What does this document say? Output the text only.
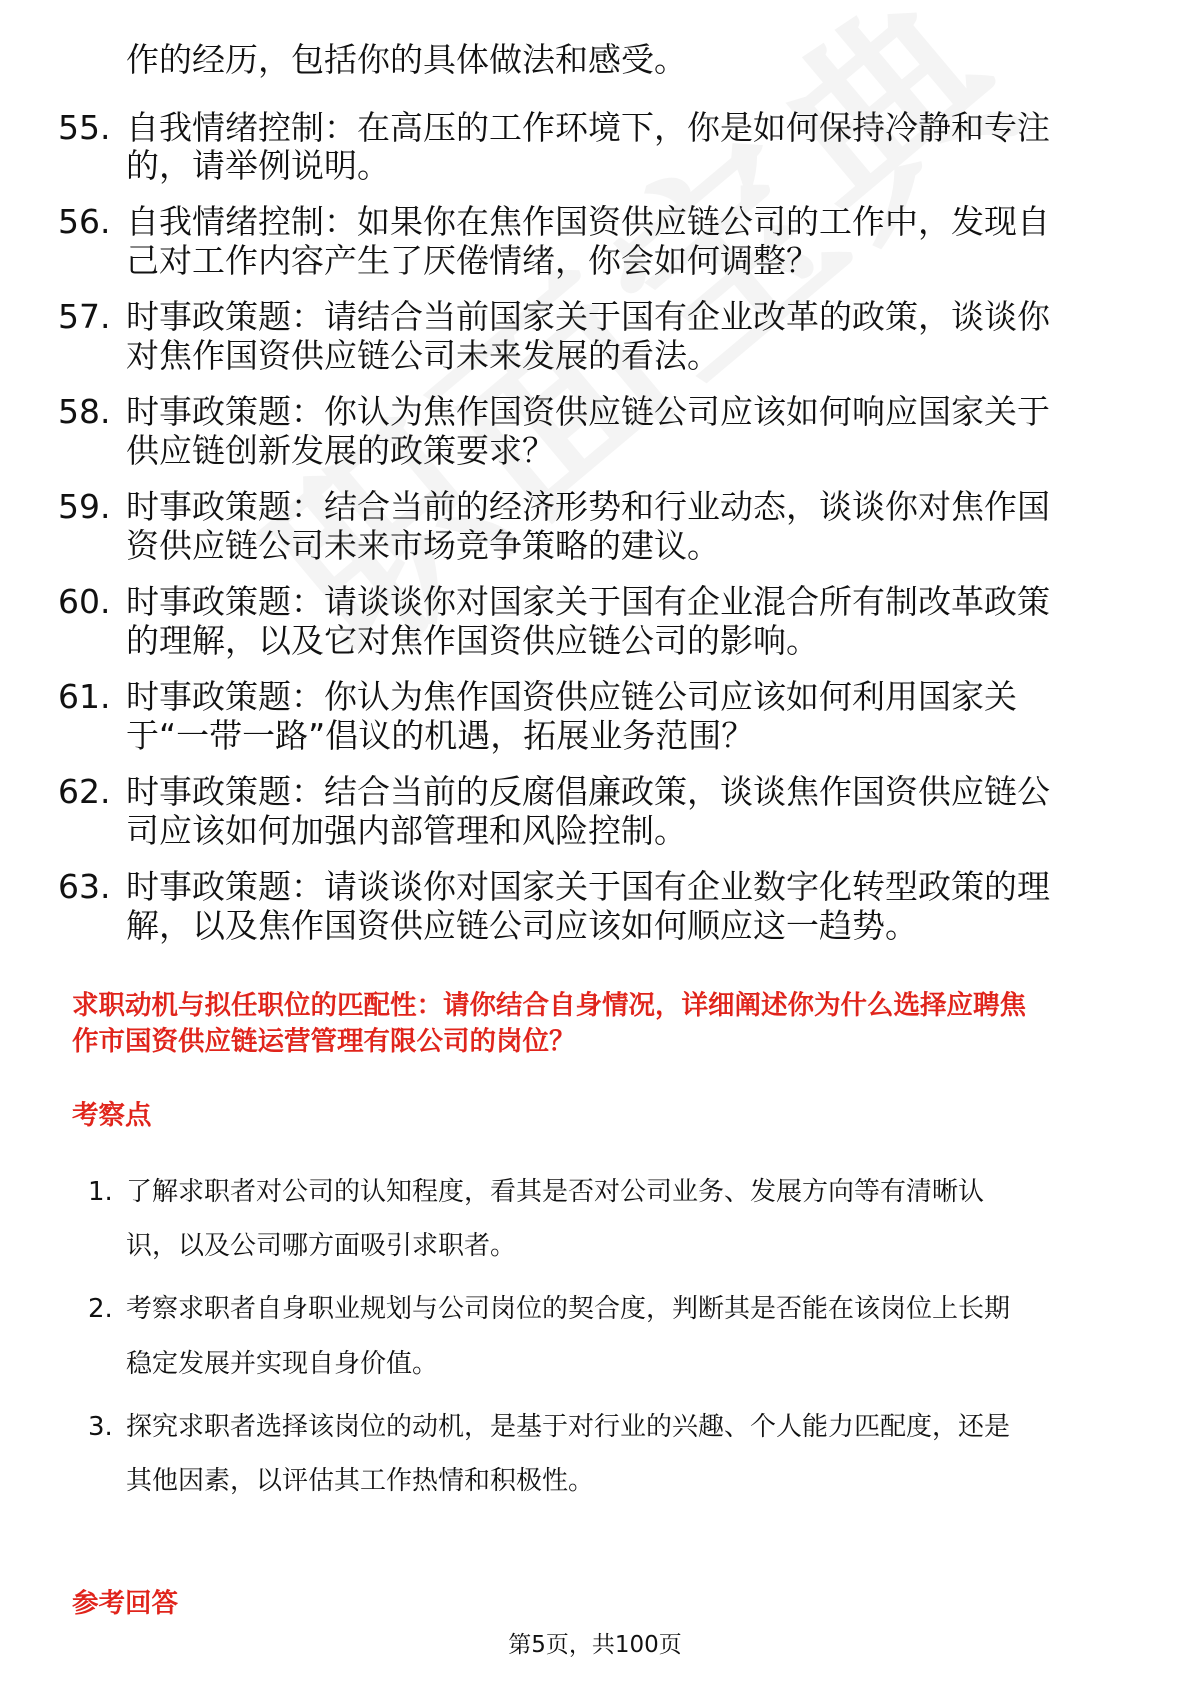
作的经历，包括你的具体做法和感受。
55. 自我情绪控制：在高压的工作环境下，你是如何保持冷静和专注
的，请举例说明。
56. 自我情绪控制：如果你在焦作国资供应链公司的工作中，发现自
己对工作内容产生了厌倦情绪，你会如何调整？
57. 时事政策题：请结合当前国家关于国有企业改革的政策，谈谈你
对焦作国资供应链公司未来发展的看法。
58. 时事政策题：你认为焦作国资供应链公司应该如何响应国家关于
供应链创新发展的政策要求？
59. 时事政策题：结合当前的经济形势和行业动态，谈谈你对焦作国
资供应链公司未来市场竞争策略的建议。
60. 时事政策题：请谈谈你对国家关于国有企业混合所有制改革政策
的理解，以及它对焦作国资供应链公司的影响。
61. 时事政策题：你认为焦作国资供应链公司应该如何利用国家关
于“一带一路”倡议的机遇，拓展业务范围？
62. 时事政策题：结合当前的反腐倡廉政策，谈谈焦作国资供应链公
司应该如何加强内部管理和风险控制。
63. 时事政策题：请谈谈你对国家关于国有企业数字化转型政策的理
解，以及焦作国资供应链公司应该如何顺应这一趋势。
求职动机与拟任职位的匹配性：请你结合自身情况，详细阐述你为什么选择应聘焦
作市国资供应链运营管理有限公司的岗位？
考察点
1. 了解求职者对公司的认知程度，看其是否对公司业务、发展方向等有清晰认
识，以及公司哪方面吸引求职者。
2. 考察求职者自身职业规划与公司岗位的契合度，判断其是否能在该岗位上长期
稳定发展并实现自身价值。
3. 探究求职者选择该岗位的动机，是基于对行业的兴趣、个人能力匹配度，还是
其他因素，以评估其工作热情和积极性。
参考回答
第5页，共100页
